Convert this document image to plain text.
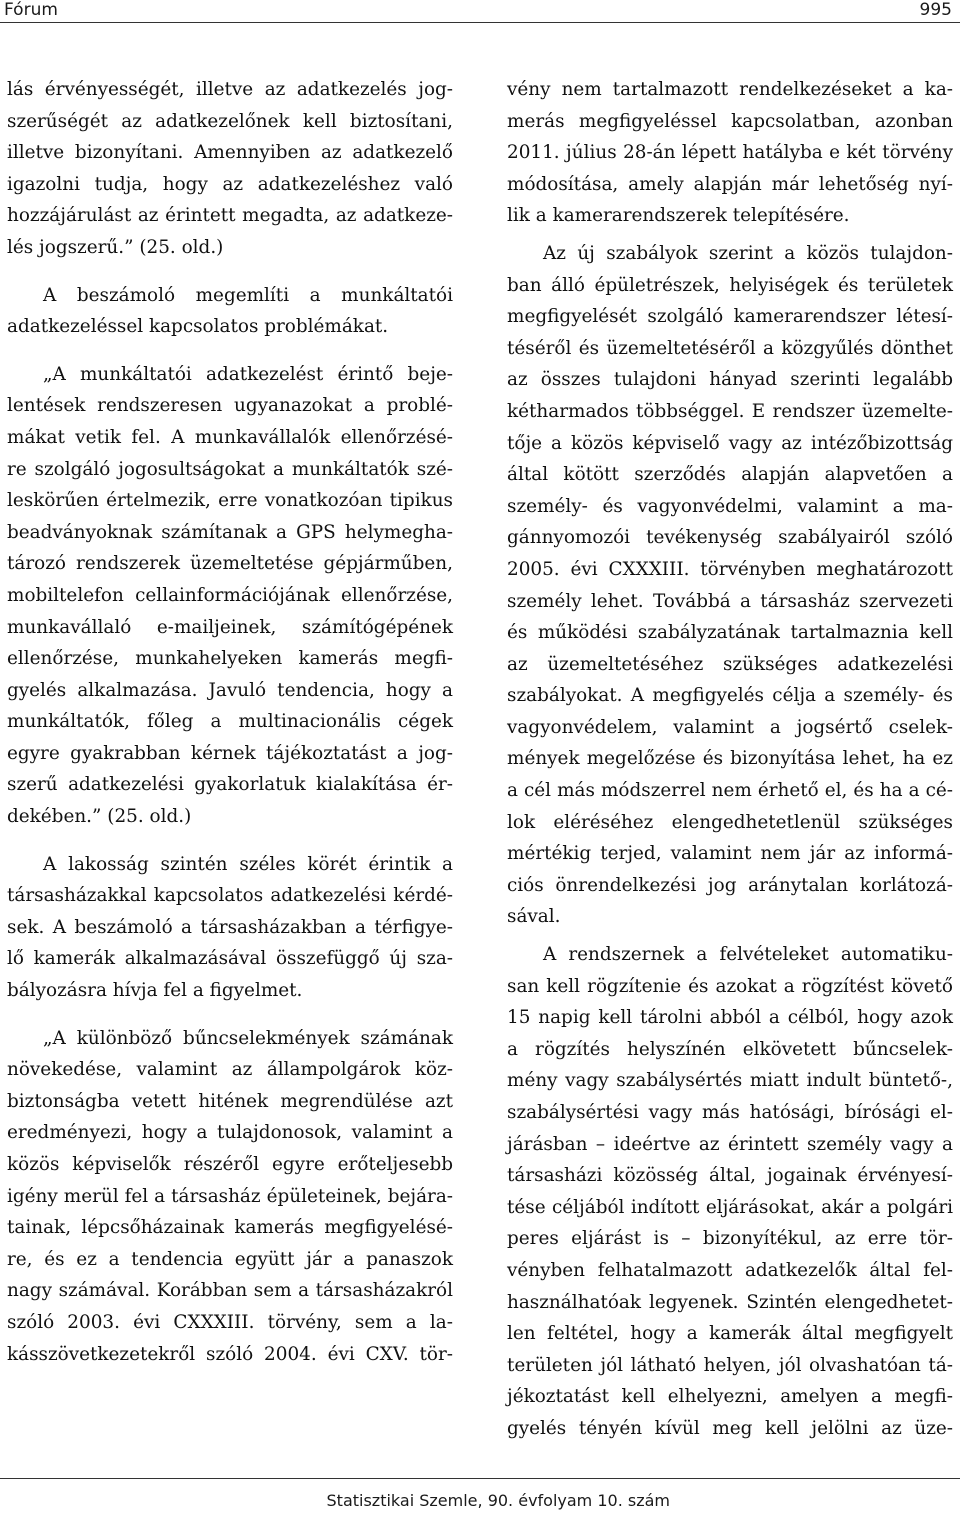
Fórum	995
lás érvényességét, illetve az adatkezelés jog-
szerűségét az adatkezelőnek kell biztosítani,
illetve bizonyítani. Amennyiben az adatkezelő
igazolni tudja, hogy az adatkezeléshez való
hozzájárulást az érintett megadta, az adatkeze-
lés jogszerű.” (25. old.)
A beszámoló megemlíti a munkáltatói
adatkezeléssel kapcsolatos problémákat.
„A munkáltatói adatkezelést érintő beje-
lentések rendszeresen ugyanazokat a problé-
mákat vetik fel. A munkavállalók ellenőrzésé-
re szolgáló jogosultságokat a munkáltatók szé-
leskörűen értelmezik, erre vonatkozóan tipikus
beadványoknak számítanak a GPS helymegha-
tározó rendszerek üzemeltetése gépjárműben,
mobiltelefon cellainformációjának ellenőrzése,
munkavállaló e-mailjeinek, számítógépének
ellenőrzése, munkahelyeken kamerás megfi-
gyelés alkalmazása. Javuló tendencia, hogy a
munkáltatók, főleg a multinacionális cégek
egyre gyakrabban kérnek tájékoztatást a jog-
szerű adatkezelési gyakorlatuk kialakítása ér-
dekében.” (25. old.)
A lakosság szintén széles körét érintik a
társasházakkal kapcsolatos adatkezelési kérdé-
sek. A beszámoló a társasházakban a térfigye-
lő kamerák alkalmazásával összefüggő új sza-
bályozásra hívja fel a figyelmet.
„A különböző bűncselekmények számának
növekedése, valamint az állampolgárok köz-
biztonságba vetett hitének megrendülése azt
eredményezi, hogy a tulajdonosok, valamint a
közös képviselők részéről egyre erőteljesebb
igény merül fel a társasház épületeinek, bejára-
tainak, lépcsőházainak kamerás megfigyelésé-
re, és ez a tendencia együtt jár a panaszok
nagy számával. Korábban sem a társasházakról
szóló 2003. évi CXXXIII. törvény, sem a la-
kásszövetkezetekről szóló 2004. évi CXV. tör-
vény nem tartalmazott rendelkezéseket a ka-
merás megfigyeléssel kapcsolatban, azonban
2011. július 28-án lépett hatályba e két törvény
módosítása, amely alapján már lehetőség nyí-
lik a kamerarendszerek telepítésére.
Az új szabályok szerint a közös tulajdon-
ban álló épületrészek, helyiségek és területek
megfigyelését szolgáló kamerarendszer létesí-
téséről és üzemeltetéséről a közgyűlés dönthet
az összes tulajdoni hányad szerinti legalább
kétharmados többséggel. E rendszer üzemelte-
tője a közös képviselő vagy az intézőbizottság
által kötött szerződés alapján alapvetően a
személy- és vagyonvédelmi, valamint a ma-
gánnyomozói tevékenység szabályairól szóló
2005. évi CXXXIII. törvényben meghatározott
személy lehet. Továbbá a társasház szervezeti
és működési szabályzatának tartalmaznia kell
az üzemeltetéséhez szükséges adatkezelési
szabályokat. A megfigyelés célja a személy- és
vagyonvédelem, valamint a jogsértő cselek-
mények megelőzése és bizonyítása lehet, ha ez
a cél más módszerrel nem érhető el, és ha a cé-
lok eléréséhez elengedhetetlenül szükséges
mértékig terjed, valamint nem jár az informá-
ciós önrendelkezési jog aránytalan korlátozá-
sával.
A rendszernek a felvételeket automatiku-
san kell rögzítenie és azokat a rögzítést követő
15 napig kell tárolni abból a célból, hogy azok
a rögzítés helyszínén elkövetett bűncselek-
mény vagy szabálysértés miatt indult büntető-,
szabálysértési vagy más hatósági, bírósági el-
járásban – ideértve az érintett személy vagy a
társasházi közösség által, jogainak érvényesí-
tése céljából indított eljárásokat, akár a polgári
peres eljárást is – bizonyítékul, az erre tör-
vényben felhatalmazott adatkezelők által fel-
használhatóak legyenek. Szintén elengedhetet-
len feltétel, hogy a kamerák által megfigyelt
területen jól látható helyen, jól olvashatóan tá-
jékoztatást kell elhelyezni, amelyen a megfi-
gyelés tényén kívül meg kell jelölni az üze-
Statisztikai Szemle, 90. évfolyam 10. szám
